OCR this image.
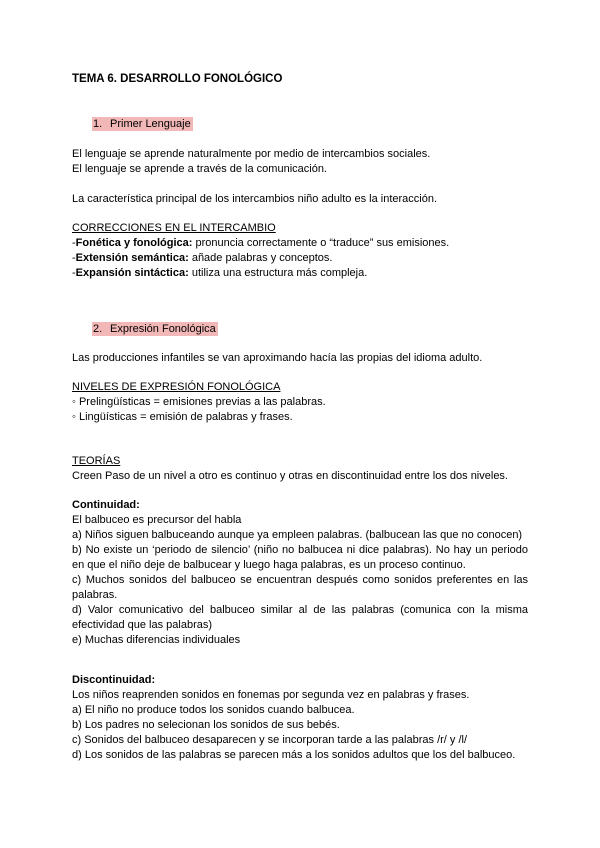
TEMA 6. DESARROLLO FONOLÓGICO
1. Primer Lenguaje

El lenguaje se aprende naturalmente por medio de intercambios sociales.

El lenguaje se aprende a través de la comunicación.

La característica principal de los intercambios niño adulto es la interacción.

CORRECCIONES EN EL INTERCAMBIO

-Fonética y fonológica: pronuncia correctamente o “traduce” sus emisiones.

-Extensión semántica: añade palabras y conceptos.

-Expansión sintáctica: utiliza una estructura más compleja.

2. Expresión Fonológica

Las producciones infantiles se van aproximando hacía las propias del idioma adulto.

NIVELES DE EXPRESIÓN FONOLÓGICA

◦ Prelingüísticas = emisiones previas a las palabras.

◦ Lingüísticas = emisión de palabras y frases.

TEORÍAS

Creen Paso de un nivel a otro es continuo y otras en discontinuidad entre los dos niveles.

Continuidad:

El balbuceo es precursor del habla

a) Niños siguen balbuceando aunque ya empleen palabras. (balbucean las que no conocen)

b) No existe un ‘periodo de silencio’ (niño no balbucea ni dice palabras). No hay un periodo en que el niño deje de balbucear y luego haga palabras, es un proceso continuo.

c) Muchos sonidos del balbuceo se encuentran después como sonidos preferentes en las palabras.

d) Valor comunicativo del balbuceo similar al de las palabras (comunica con la misma efectividad que las palabras)

e) Muchas diferencias individuales

Discontinuidad:

Los niños reaprenden sonidos en fonemas por segunda vez en palabras y frases.

a) El niño no produce todos los sonidos cuando balbucea.

b) Los padres no selecionan los sonidos de sus bebés.

c) Sonidos del balbuceo desaparecen y se incorporan tarde a las palabras /r/ y /l/

d) Los sonidos de las palabras se parecen más a los sonidos adultos que los del balbuceo.
